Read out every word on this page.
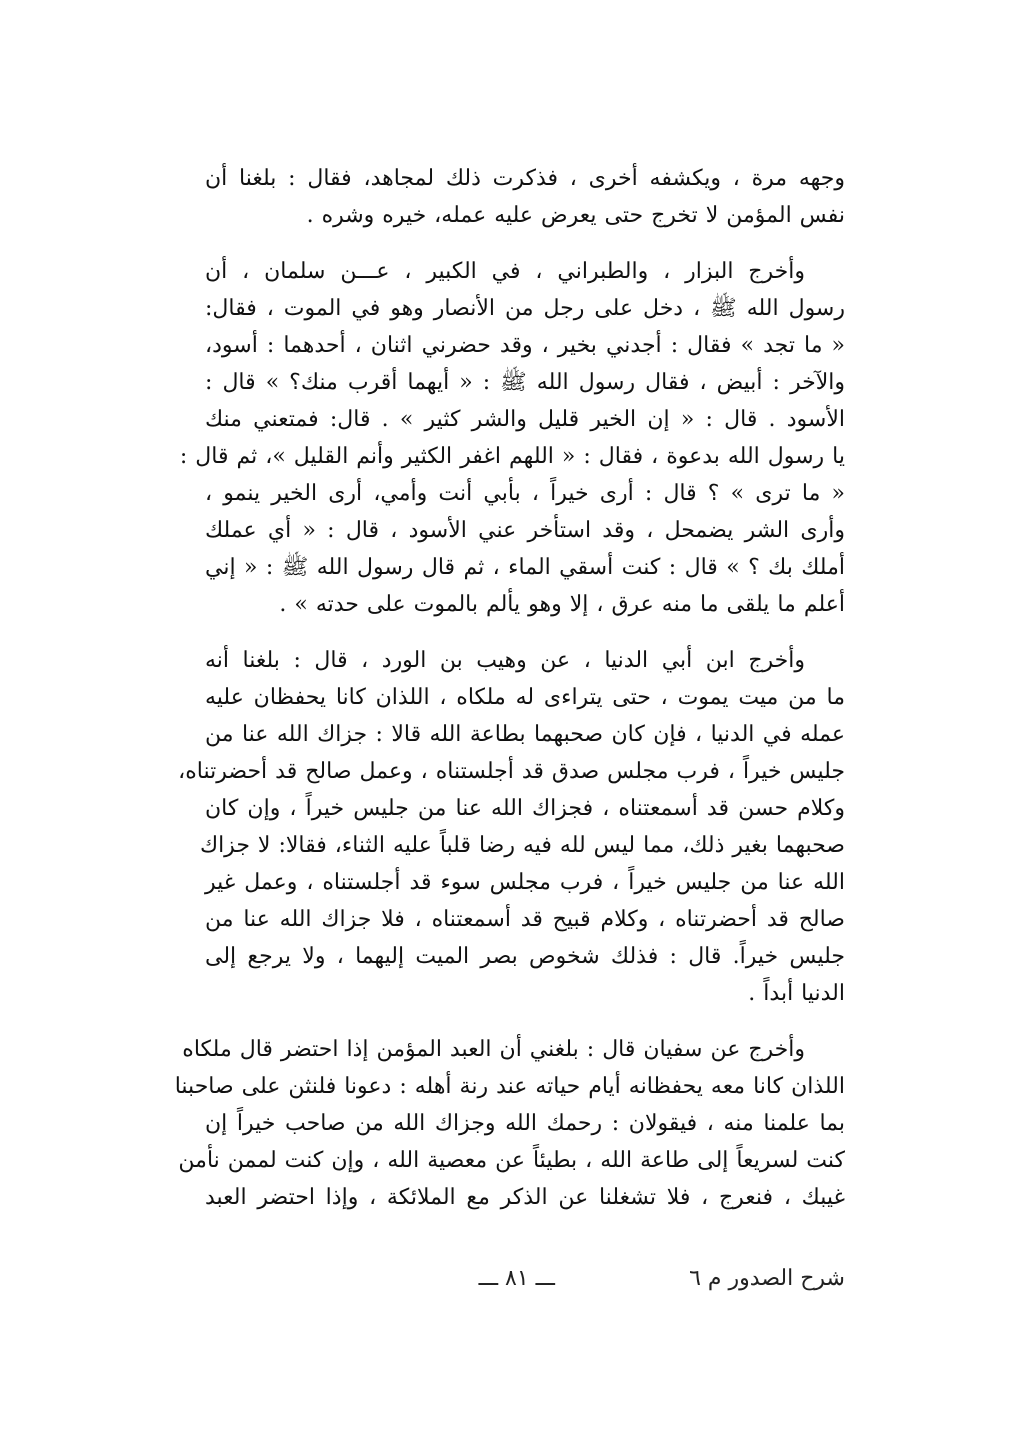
وجهه مرة ، ويكشفه أخرى ، فذكرت ذلك لمجاهد، فقال : بلغنا أن
نفس المؤمن لا تخرج حتى يعرض عليه عمله، خيره وشره .

وأخرج البزار ، والطبراني ، في الكبير ، عـــن سلمان ، أن
رسول الله ﷺ ، دخل على رجل من الأنصار وهو في الموت ، فقال:
« ما تجد » فقال : أجدني بخير ، وقد حضرني اثنان ، أحدهما : أسود،
والآخر : أبيض ، فقال رسول الله ﷺ : « أيهما أقرب منك؟ » قال :
الأسود . قال : « إن الخير قليل والشر كثير » . قال: فمتعني منك
يا رسول الله بدعوة ، فقال : « اللهم اغفر الكثير وأنم القليل »، ثم قال :
« ما ترى » ؟ قال : أرى خيراً ، بأبي أنت وأمي، أرى الخير ينمو ،
وأرى الشر يضمحل ، وقد استأخر عني الأسود ، قال : « أي عملك
أملك بك ؟ » قال : كنت أسقي الماء ، ثم قال رسول الله ﷺ : « إني
أعلم ما يلقى ما منه عرق ، إلا وهو يألم بالموت على حدته » .

وأخرج ابن أبي الدنيا ، عن وهيب بن الورد ، قال : بلغنا أنه
ما من ميت يموت ، حتى يتراءى له ملكاه ، اللذان كانا يحفظان عليه
عمله في الدنيا ، فإن كان صحبهما بطاعة الله قالا : جزاك الله عنا من
جليس خيراً ، فرب مجلس صدق قد أجلستناه ، وعمل صالح قد أحضرتناه،
وكلام حسن قد أسمعتناه ، فجزاك الله عنا من جليس خيراً ، وإن كان
صحبهما بغير ذلك، مما ليس لله فيه رضا قلباً عليه الثناء، فقالا: لا جزاك
الله عنا من جليس خيراً ، فرب مجلس سوء قد أجلستناه ، وعمل غير
صالح قد أحضرتناه ، وكلام قبيح قد أسمعتناه ، فلا جزاك الله عنا من
جليس خيراً. قال : فذلك شخوص بصر الميت إليهما ، ولا يرجع إلى
الدنيا أبداً .

وأخرج عن سفيان قال : بلغني أن العبد المؤمن إذا احتضر قال ملكاه
اللذان كانا معه يحفظانه أيام حياته عند رنة أهله : دعونا فلنثن على صاحبنا
بما علمنا منه ، فيقولان : رحمك الله وجزاك الله من صاحب خيراً إن
كنت لسريعاً إلى طاعة الله ، بطيئاً عن معصية الله ، وإن كنت لممن نأمن
غيبك ، فنعرج ، فلا تشغلنا عن الذكر مع الملائكة ، وإذا احتضر العبد

شرح الصدور م ٦
ـــ ٨١ ـــ
